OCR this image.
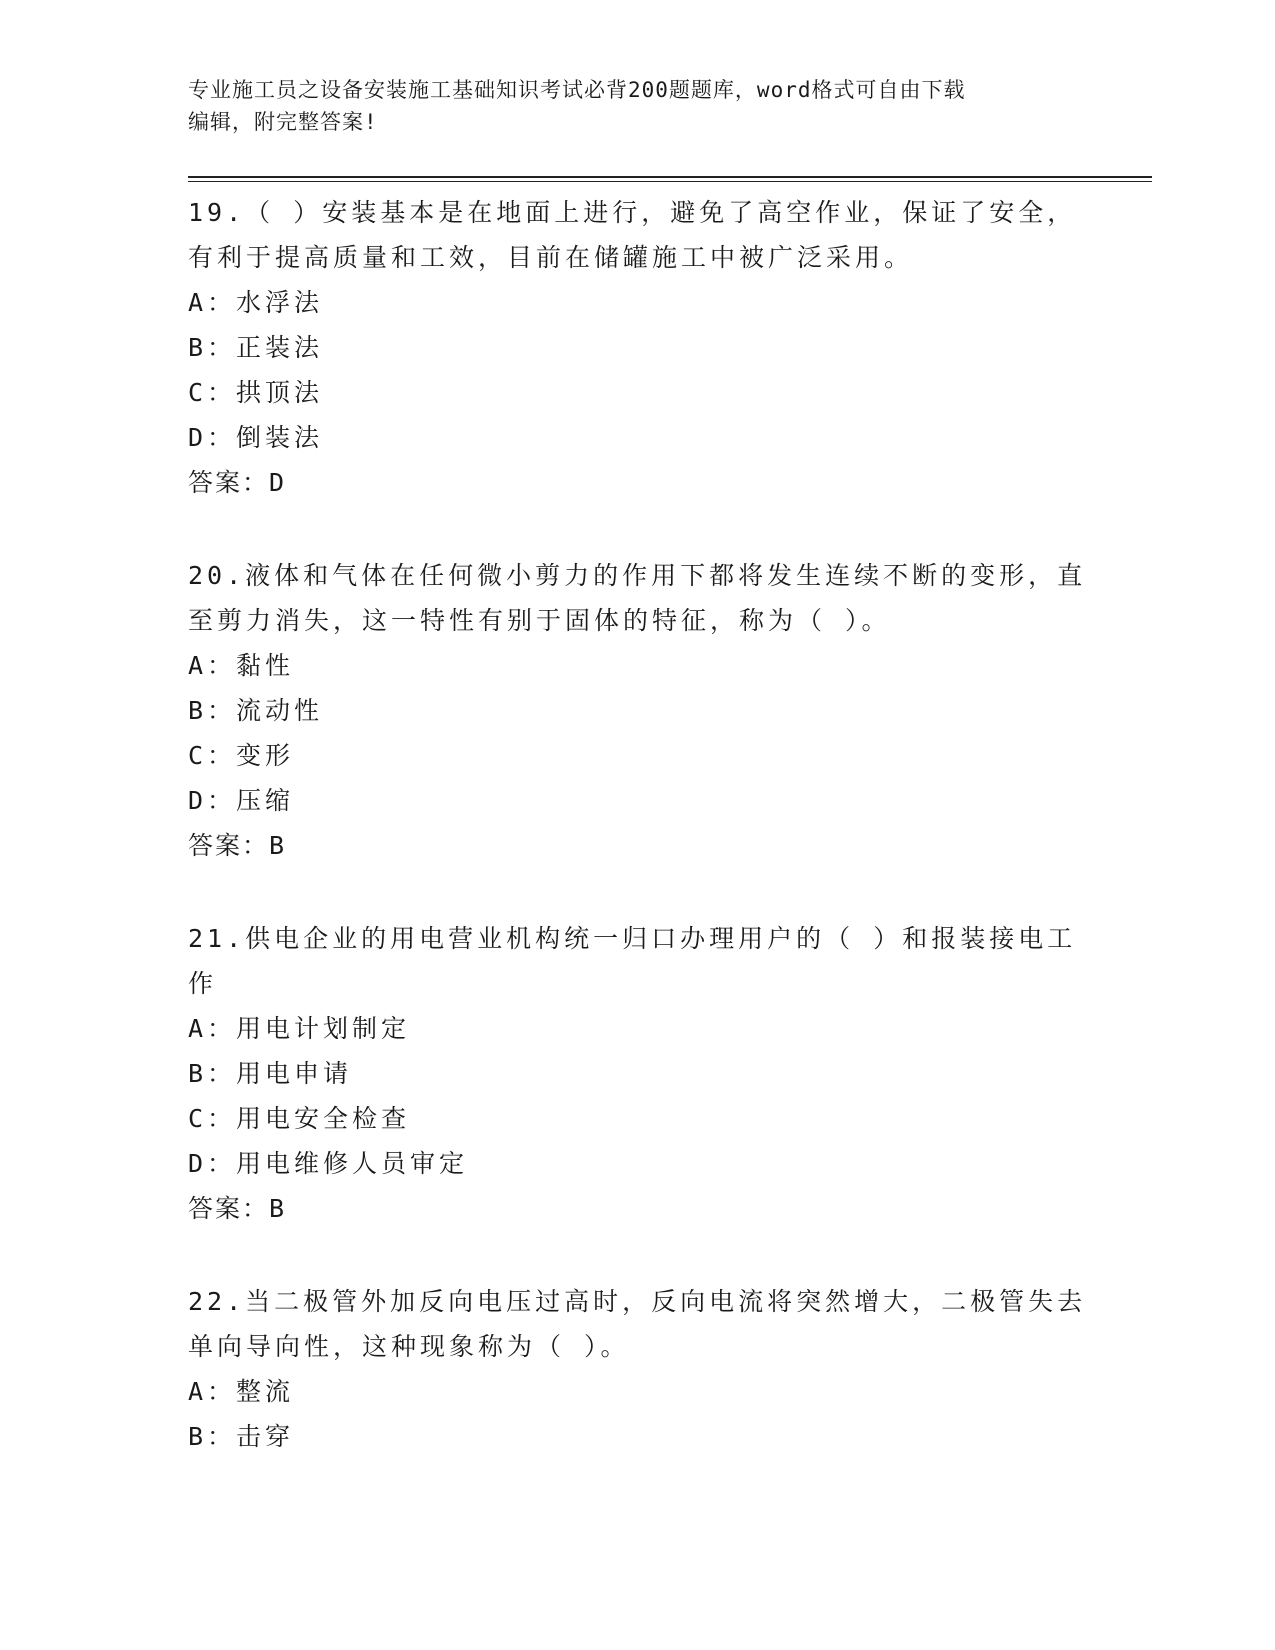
专业施工员之设备安装施工基础知识考试必背200题题库，word格式可自由下载
编辑，附完整答案!
19.（ ）安装基本是在地面上进行，避免了高空作业，保证了安全，
有利于提高质量和工效，目前在储罐施工中被广泛采用。
A：水浮法
B：正装法
C：拱顶法
D：倒装法
答案：D
20.液体和气体在任何微小剪力的作用下都将发生连续不断的变形，直
至剪力消失，这一特性有别于固体的特征，称为（ ）。
A：黏性
B：流动性
C：变形
D：压缩
答案：B
21.供电企业的用电营业机构统一归口办理用户的（ ）和报装接电工
作
A：用电计划制定
B：用电申请
C：用电安全检查
D：用电维修人员审定
答案：B
22.当二极管外加反向电压过高时，反向电流将突然增大，二极管失去
单向导向性，这种现象称为（ ）。
A：整流
B：击穿
